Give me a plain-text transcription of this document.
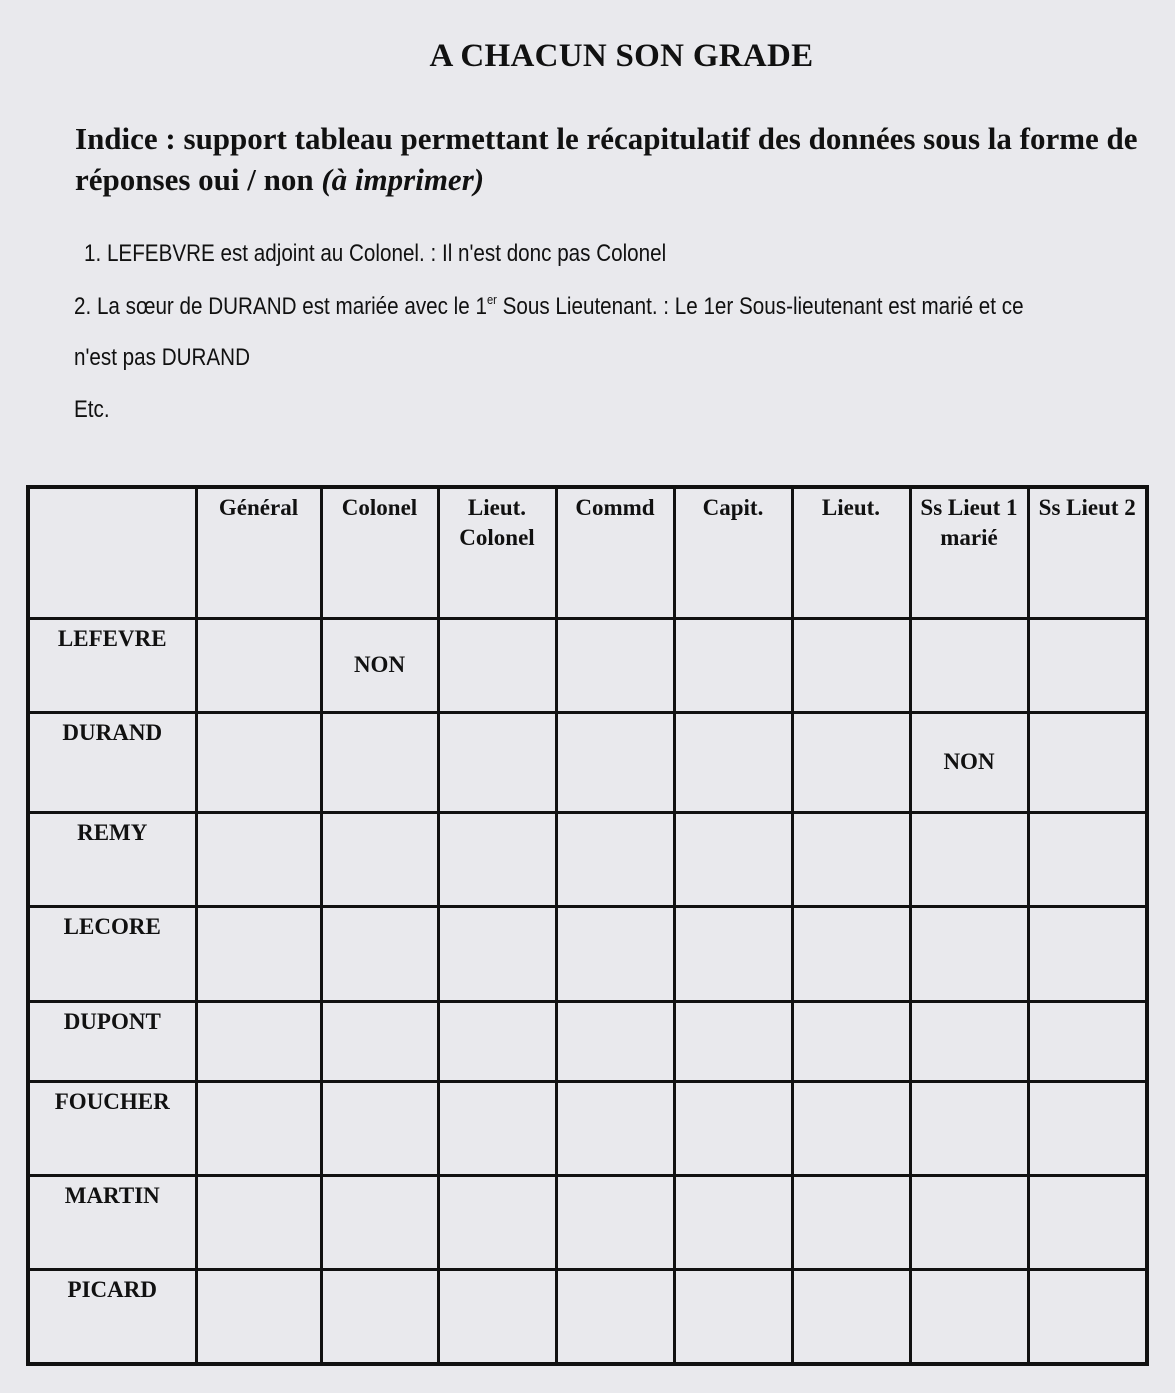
A CHACUN SON GRADE
Indice : support tableau permettant le récapitulatif des données sous la forme de réponses oui / non (à imprimer)
1. LEFEBVRE est adjoint au Colonel. : Il n'est donc pas Colonel
2. La sœur de DURAND est mariée avec le 1er Sous Lieutenant. : Le 1er Sous-lieutenant est marié et ce
n'est pas DURAND
Etc.
	Général	Colonel	Lieut. Colonel	Commd	Capit.	Lieut.	Ss Lieut 1 marié	Ss Lieut 2
LEFEVRE		NON						

DURAND							NON	

REMY								
LECORE								
DUPONT								
FOUCHER								
MARTIN								
PICARD								
